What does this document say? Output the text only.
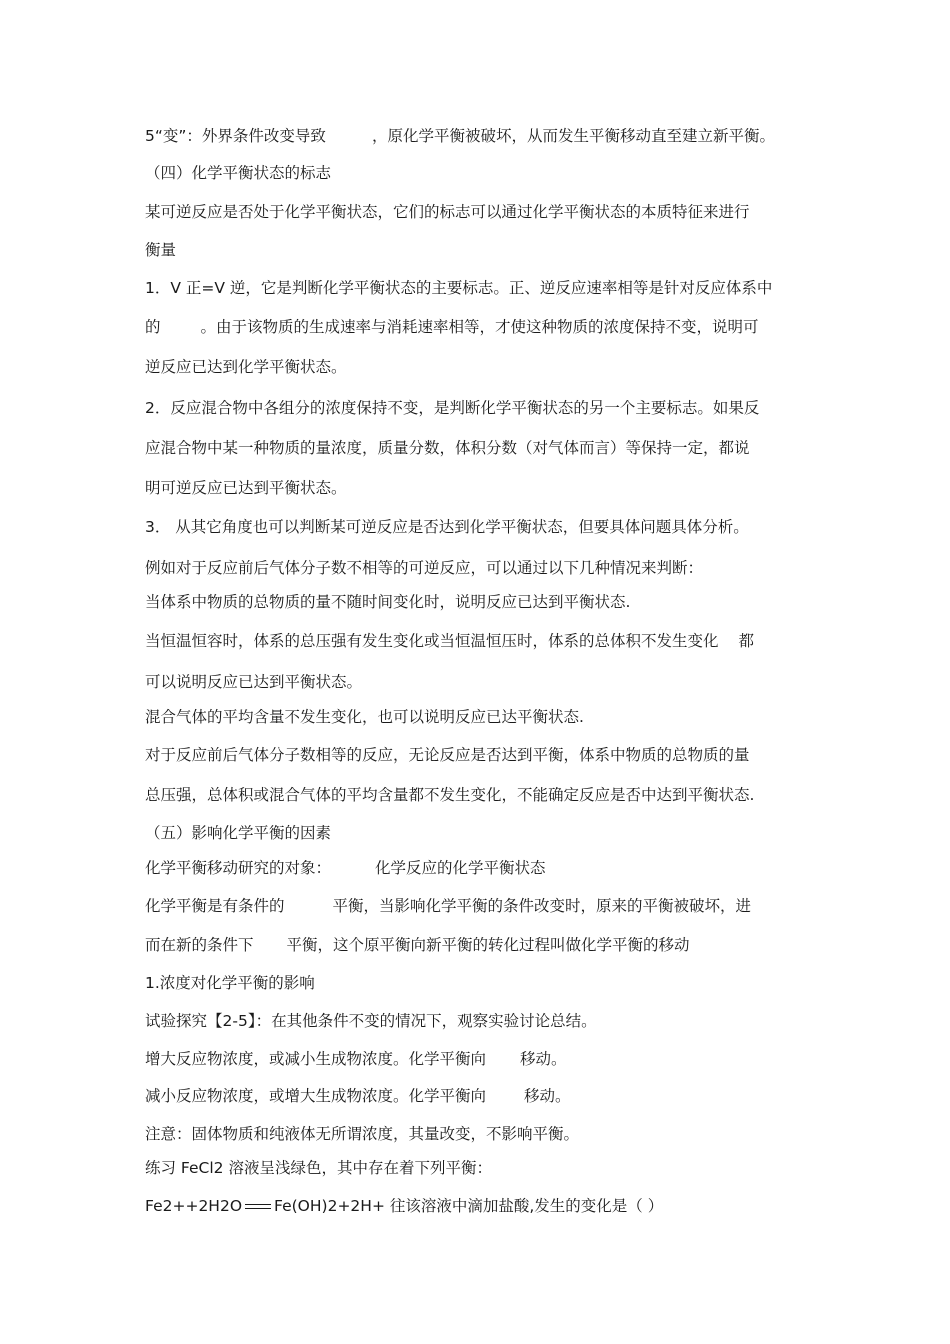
5“变”：外界条件改变导致	，原化学平衡被破坏，从而发生平衡移动直至建立新平衡。
（四）化学平衡状态的标志
某可逆反应是否处于化学平衡状态，它们的标志可以通过化学平衡状态的本质特征来进行
衡量
1．V 正=V 逆，它是判断化学平衡状态的主要标志。正、逆反应速率相等是针对反应体系中
的	。由于该物质的生成速率与消耗速率相等，才使这种物质的浓度保持不变，说明可
逆反应已达到化学平衡状态。
2．反应混合物中各组分的浓度保持不变，是判断化学平衡状态的另一个主要标志。如果反
应混合物中某一种物质的量浓度，质量分数，体积分数（对气体而言）等保持一定，都说
明可逆反应已达到平衡状态。
3． 从其它角度也可以判断某可逆反应是否达到化学平衡状态，但要具体问题具体分析。
例如对于反应前后气体分子数不相等的可逆反应，可以通过以下几种情况来判断：
当体系中物质的总物质的量不随时间变化时，说明反应已达到平衡状态.
当恒温恒容时，体系的总压强有发生变化或当恒温恒压时，体系的总体积不发生变化 都
可以说明反应已达到平衡状态。
混合气体的平均含量不发生变化，也可以说明反应已达平衡状态.
对于反应前后气体分子数相等的反应，无论反应是否达到平衡，体系中物质的总物质的量
总压强，总体积或混合气体的平均含量都不发生变化，不能确定反应是否中达到平衡状态.
（五）影响化学平衡的因素
化学平衡移动研究的对象：	化学反应的化学平衡状态
化学平衡是有条件的	平衡，当影响化学平衡的条件改变时，原来的平衡被破坏，进
而在新的条件下 平衡，这个原平衡向新平衡的转化过程叫做化学平衡的移动
1.浓度对化学平衡的影响
试验探究【2-5】：在其他条件不变的情况下，观察实验讨论总结。
增大反应物浓度，或减小生成物浓度。化学平衡向 移动。
减小反应物浓度，或增大生成物浓度。化学平衡向 移动。
注意：固体物质和纯液体无所谓浓度，其量改变，不影响平衡。
练习 FeCl2 溶液呈浅绿色，其中存在着下列平衡：
Fe2++2H2O Fe(OH)2+2H+ 往该溶液中滴加盐酸,发生的变化是（ ）
